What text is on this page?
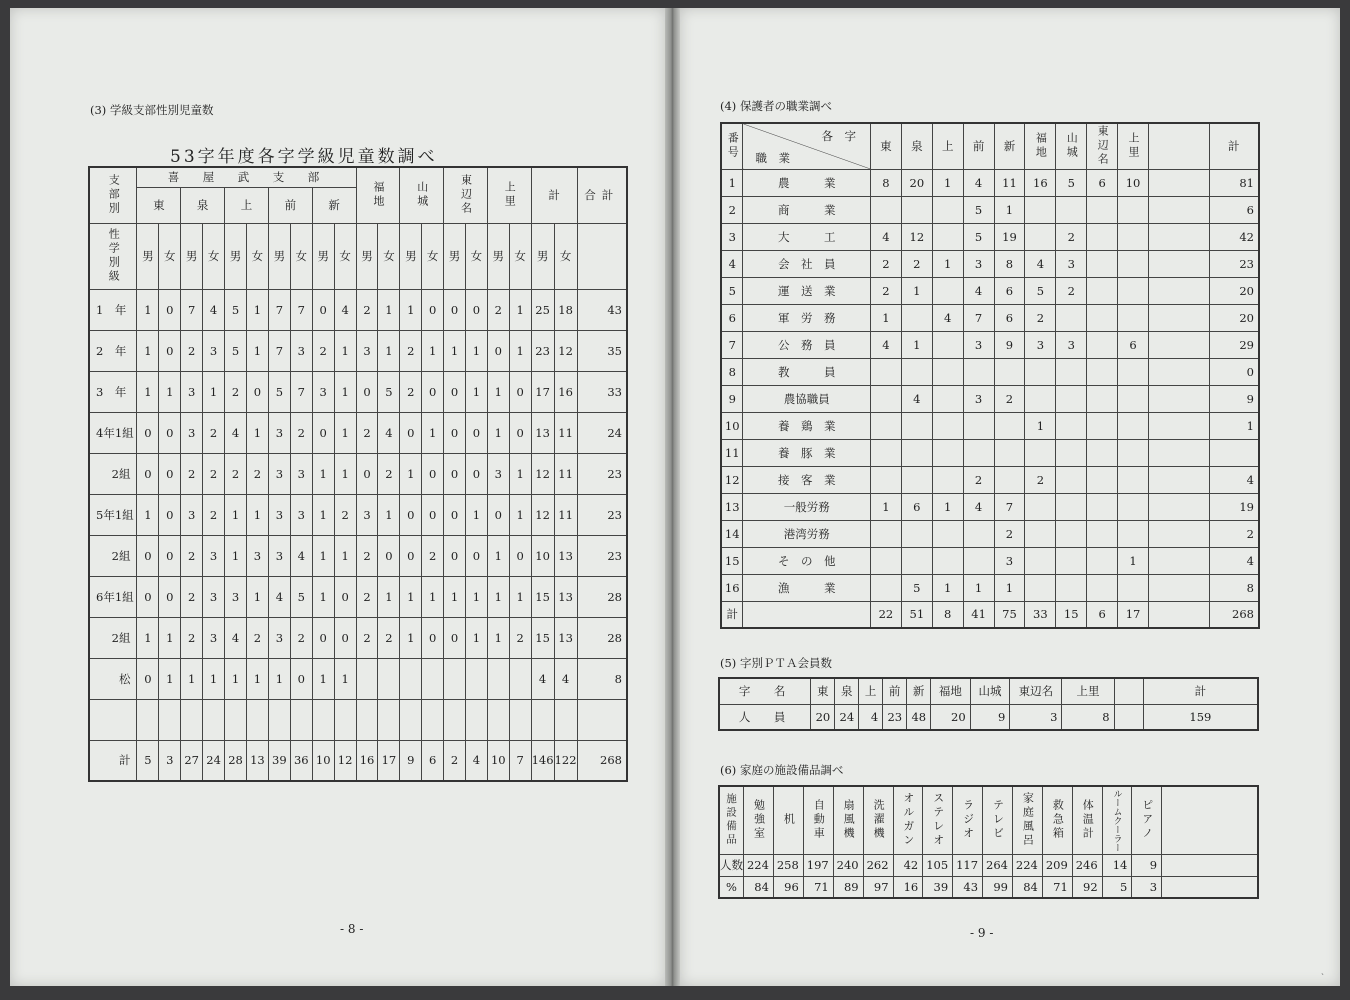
(3) 学級支部性別児童数
53字年度各字学級児童数調べ
- 8 -
(4) 保護者の職業調べ
(5) 字別ＰＴＡ会員数
(6) 家庭の施設備品調べ
- 9 -
ˏ
支部別	喜　屋　武　支　部										福地		山城		東辺名		上里		計		合計
	東		泉		上		前		新												
性学別級	男	女	男	女	男	女	男	女	男	女	男	女	男	女	男	女	男	女	男	女	
1　年	1	0	7	4	5	1	7	7	0	4	2	1	1	0	0	0	2	1	25	18	43
2　年	1	0	2	3	5	1	7	3	2	1	3	1	2	1	1	1	0	1	23	12	35
3　年	1	1	3	1	2	0	5	7	3	1	0	5	2	0	0	1	1	0	17	16	33
4年1組	0	0	3	2	4	1	3	2	0	1	2	4	0	1	0	0	1	0	13	11	24
2組	0	0	2	2	2	2	3	3	1	1	0	2	1	0	0	0	3	1	12	11	23
5年1組	1	0	3	2	1	1	3	3	1	2	3	1	0	0	0	1	0	1	12	11	23
2組	0	0	2	3	1	3	3	4	1	1	2	0	0	2	0	0	1	0	10	13	23
6年1組	0	0	2	3	3	1	4	5	1	0	2	1	1	1	1	1	1	1	15	13	28
2組	1	1	2	3	4	2	3	2	0	0	2	2	1	0	0	1	1	2	15	13	28
松	0	1	1	1	1	1	1	0	1	1									4	4	8

計	5	3	27	24	28	13	39	36	10	12	16	17	9	6	2	4	10	7	146	122	268
番号	各　字
職　業	東	泉	上	前	新	福地	山城	東辺名	上里		計
1	農　　　業	8	20	1	4	11	16	5	6	10		81
2	商　　　業				5	1						6
3	大　　　工	4	12		5	19		2				42
4	会　社　員	2	2	1	3	8	4	3				23
5	運　送　業	2	1		4	6	5	2				20
6	軍　労　務	1		4	7	6	2					20
7	公　務　員	4	1		3	9	3	3		6		29
8	教　　　員											0
9	農協職員		4		3	2						9
10	養　鶏　業						1					1
11	養　豚　業											
12	接　客　業				2		2					4
13	一般労務	1	6	1	4	7						19
14	港湾労務					2						2
15	そ　の　他					3				1		4
16	漁　　　業		5	1	1	1						8
計		22	51	8	41	75	33	15	6	17		268
字　名	東	泉	上	前	新	福地	山城	東辺名	上里		計
人　員	20	24	4	23	48	20	9	3	8		159
施設備品	勉強室	机	自動車	扇風機	洗濯機	オルガン	ステレオ	ラジオ	テレビ	家庭風呂	救急箱	体温計	ルームクーラー	ピアノ	
人数	224	258	197	240	262	42	105	117	264	224	209	246	14	9	
%	84	96	71	89	97	16	39	43	99	84	71	92	5	3	
